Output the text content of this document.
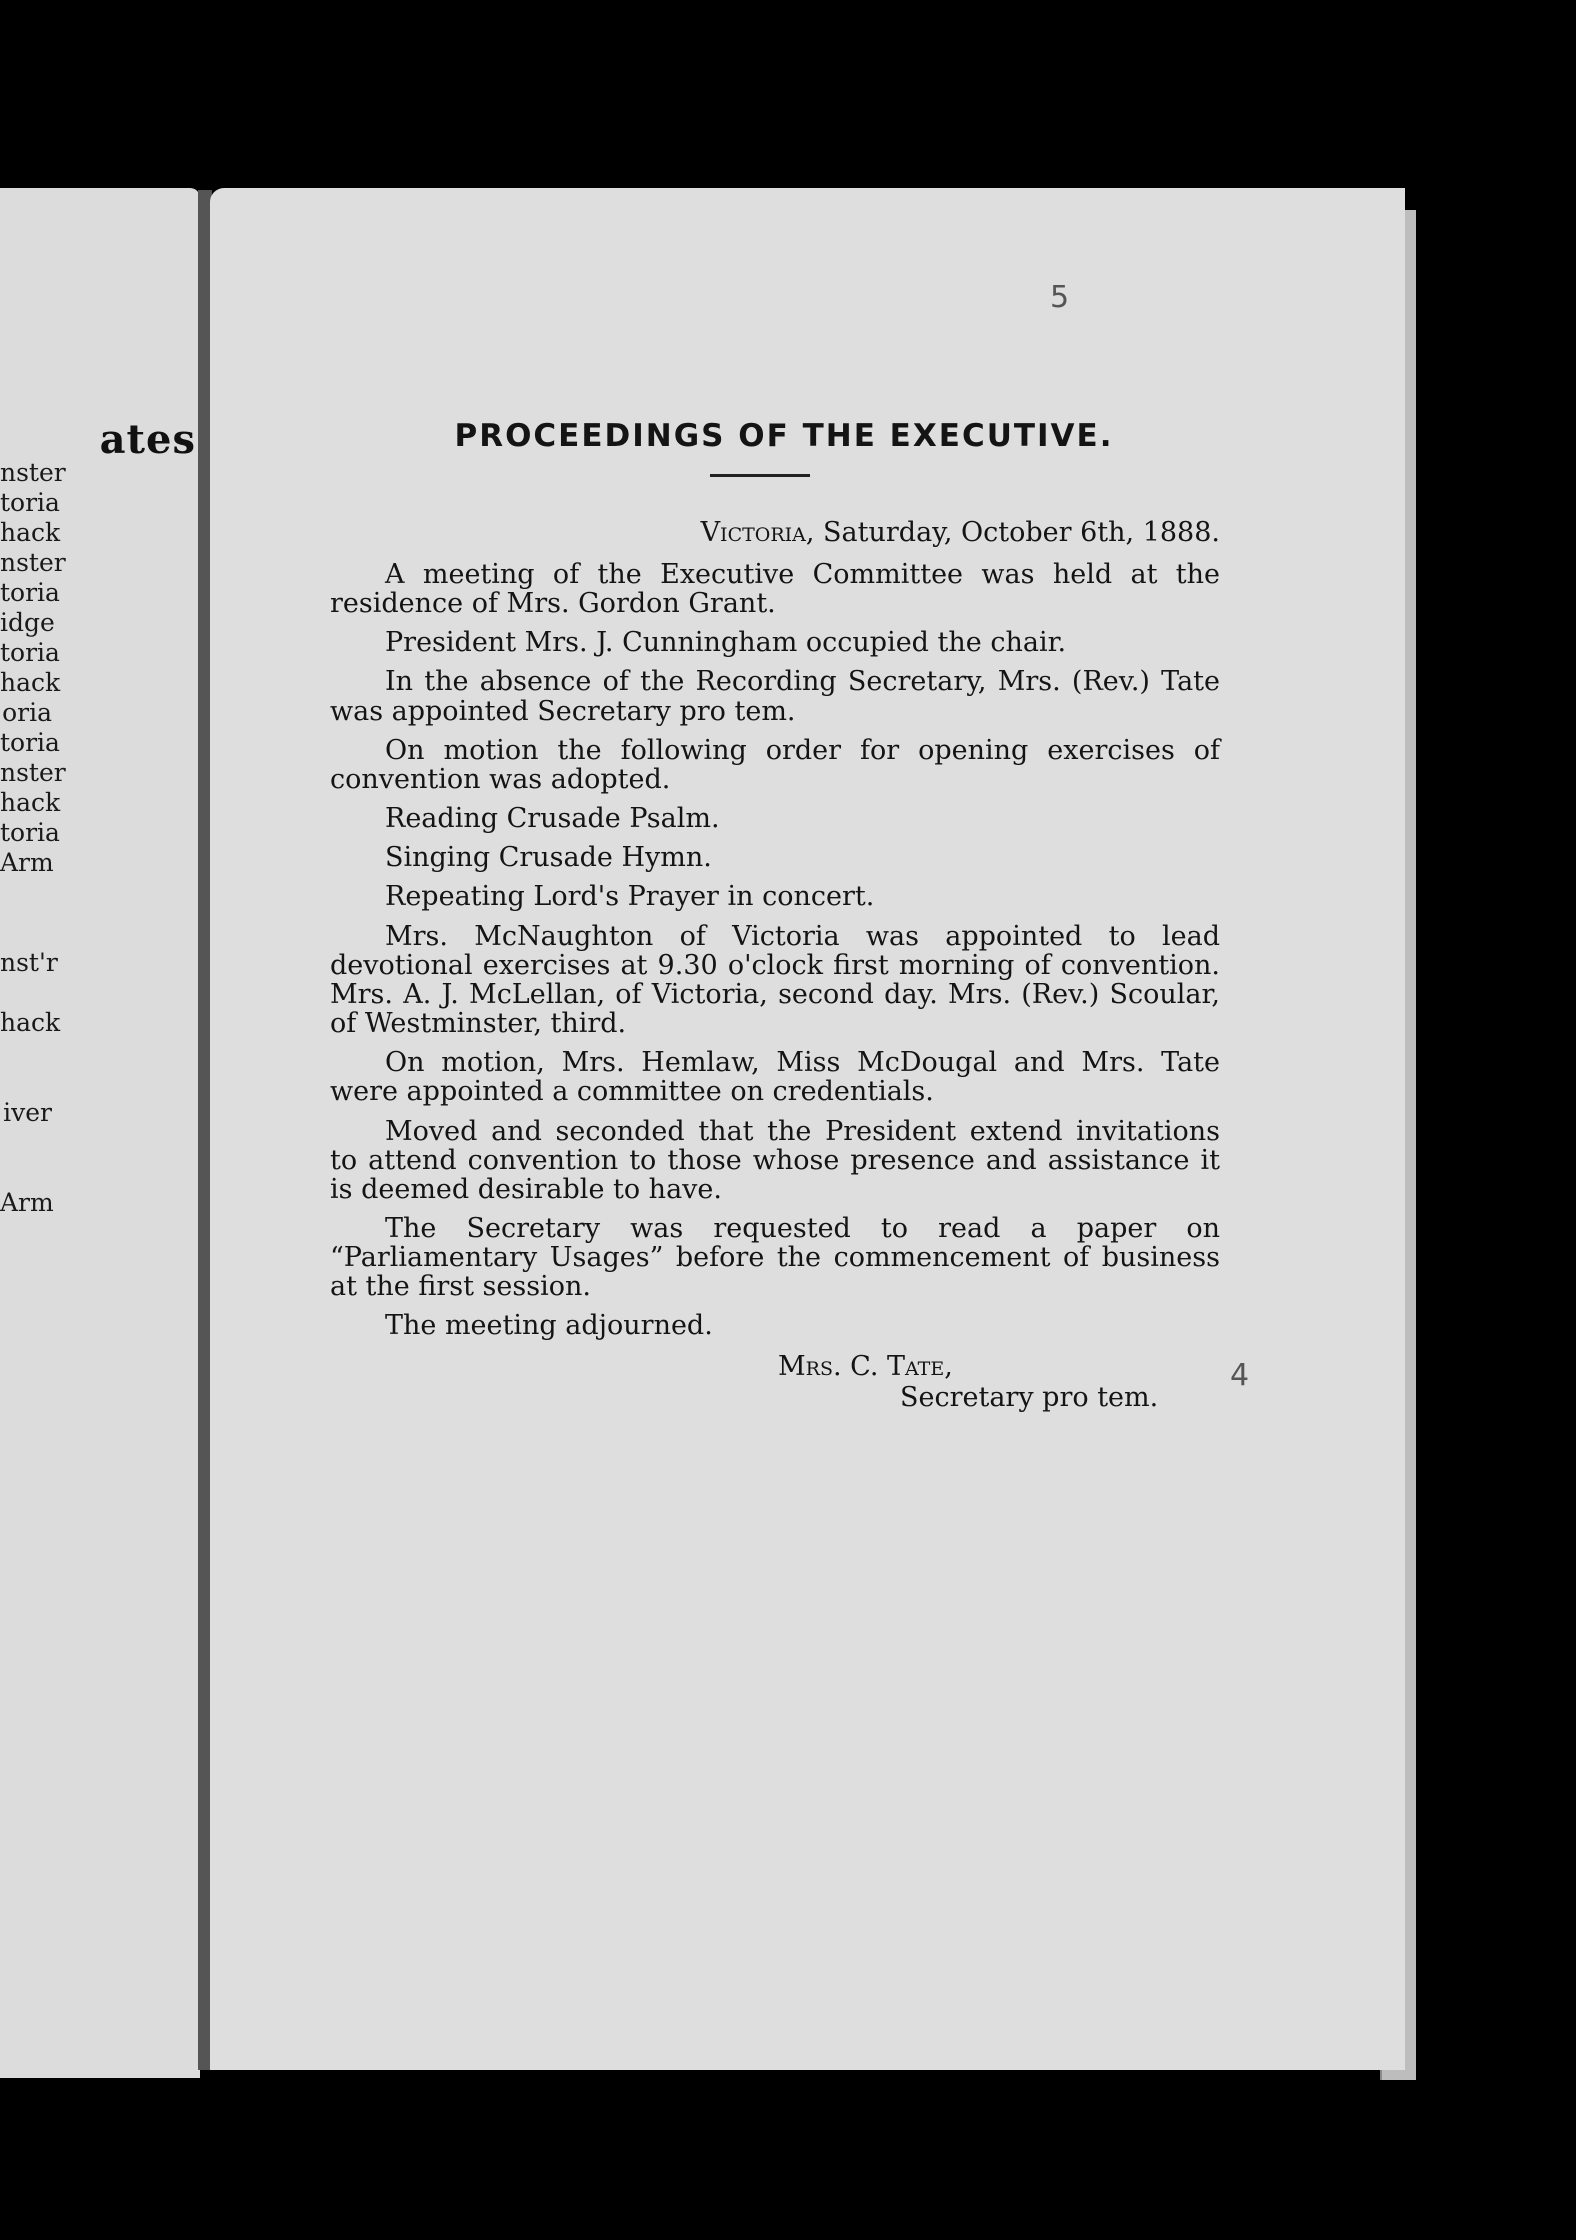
ates
nster
toria
hack
nster
toria
idge
toria
hack
oria
toria
nster
hack
toria
Arm
nst'r
hack
iver
Arm
5
4
PROCEEDINGS OF THE EXECUTIVE.
Victoria, Saturday, October 6th, 1888.

A meeting of the Executive Committee was held at the residence of Mrs. Gordon Grant.

President Mrs. J. Cunningham occupied the chair.

In the absence of the Recording Secretary, Mrs. (Rev.) Tate was appointed Secretary pro tem.

On motion the following order for opening exercises of convention was adopted.

Reading Crusade Psalm.

Singing Crusade Hymn.

Repeating Lord's Prayer in concert.

Mrs. McNaughton of Victoria was appointed to lead devotional exercises at 9.30 o'clock first morning of convention. Mrs. A. J. McLellan, of Victoria, second day. Mrs. (Rev.) Scoular, of Westminster, third.

On motion, Mrs. Hemlaw, Miss McDougal and Mrs. Tate were appointed a committee on credentials.

Moved and seconded that the President extend invitations to attend convention to those whose presence and assistance it is deemed desirable to have.

The Secretary was requested to read a paper on “Parliamentary Usages” before the commencement of business at the first session.

The meeting adjourned.

Mrs. C. Tate,
Secretary pro tem.
